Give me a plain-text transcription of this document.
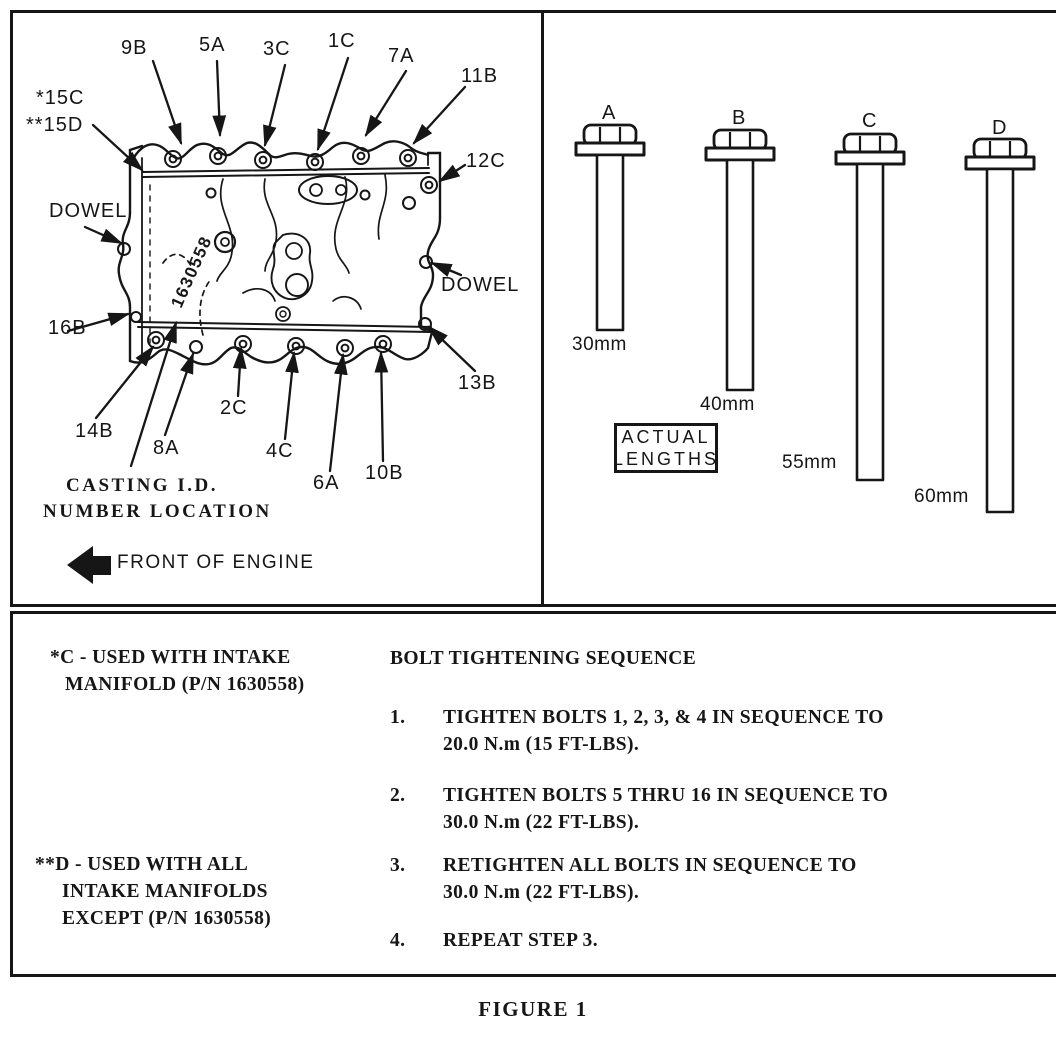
1630558
9B	5A 3C 1C
7A
11B
*15C
**15D
DOWEL
16B
12C
DOWEL
13B
14B
8A
2C
4C
6A 10B
CASTING I.D.
NUMBER LOCATION
FRONT OF ENGINE
A	B	C	D
30mm
40mm
55mm
60mm
ACTUAL
LENGTHS
*C - USED WITH INTAKE
MANIFOLD (P/N 1630558)
**D - USED WITH ALL
INTAKE MANIFOLDS
EXCEPT (P/N 1630558)
BOLT TIGHTENING SEQUENCE
1. TIGHTEN BOLTS 1, 2, 3, & 4 IN SEQUENCE TO
20.0 N.m (15 FT-LBS).
2. TIGHTEN BOLTS 5 THRU 16 IN SEQUENCE TO
30.0 N.m (22 FT-LBS).
3. RETIGHTEN ALL BOLTS IN SEQUENCE TO
30.0 N.m (22 FT-LBS).
4. REPEAT STEP 3.
FIGURE 1
